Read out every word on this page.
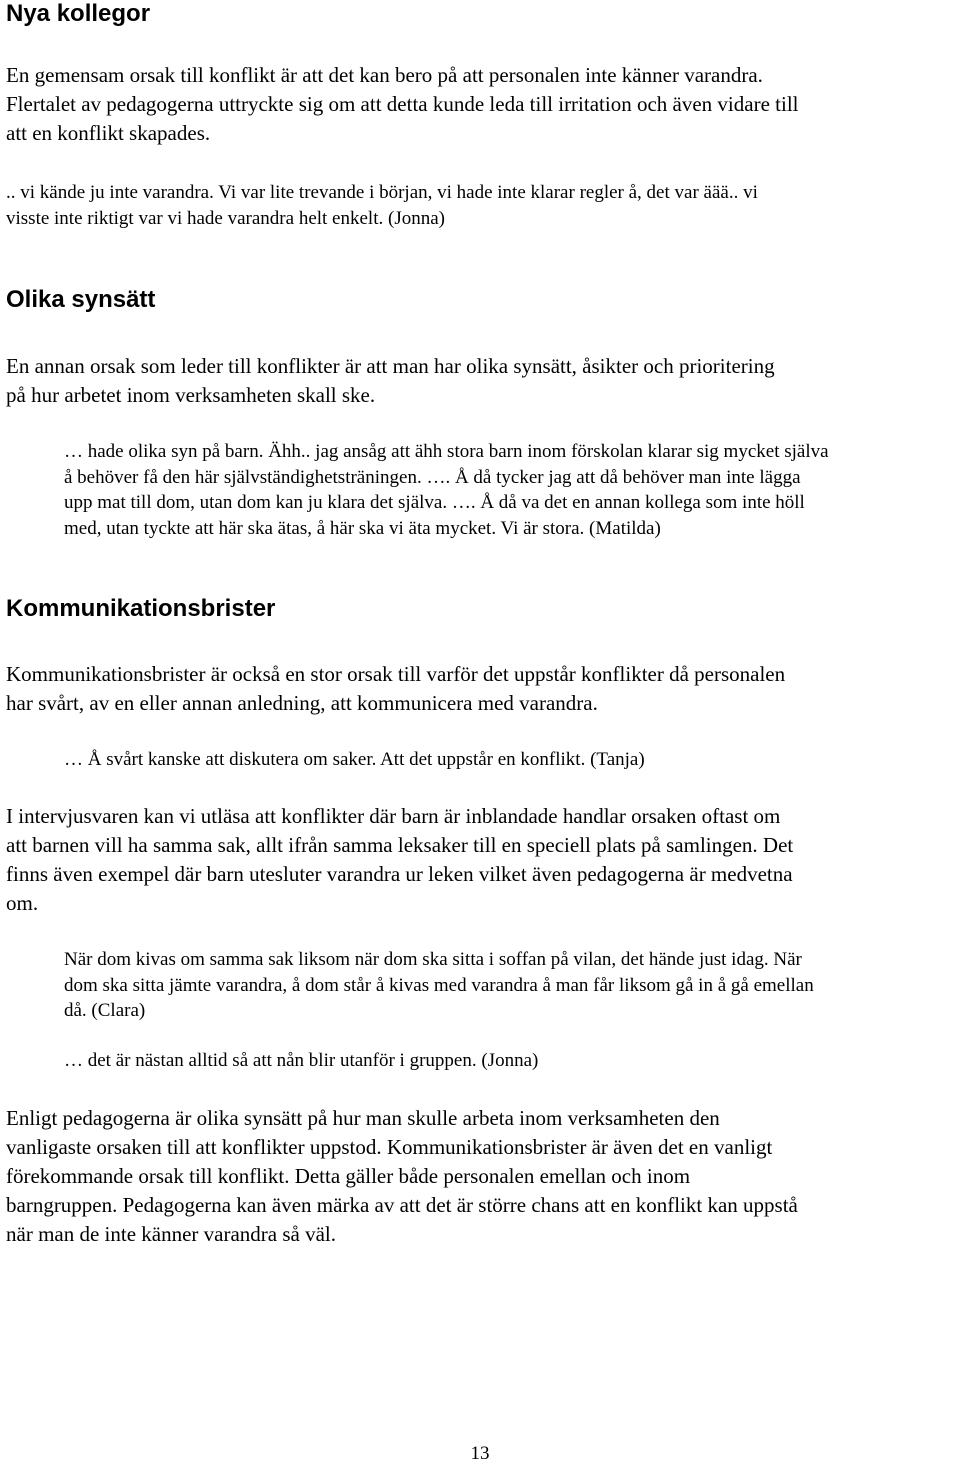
Nya kollegor

En gemensam orsak till konflikt är att det kan bero på att personalen inte känner varandra.
Flertalet av pedagogerna uttryckte sig om att detta kunde leda till irritation och även vidare till
att en konflikt skapades.

.. vi kände ju inte varandra. Vi var lite trevande i början, vi hade inte klarar regler å, det var äää.. vi
visste inte riktigt var vi hade varandra helt enkelt. (Jonna)

Olika synsätt

En annan orsak som leder till konflikter är att man har olika synsätt, åsikter och prioritering
på hur arbetet inom verksamheten skall ske.

… hade olika syn på barn. Ähh.. jag ansåg att ähh stora barn inom förskolan klarar sig mycket själva
å behöver få den här självständighetsträningen. …. Å då tycker jag att då behöver man inte lägga
upp mat till dom, utan dom kan ju klara det själva. …. Å då va det en annan kollega som inte höll
med, utan tyckte att här ska ätas, å här ska vi äta mycket. Vi är stora. (Matilda)

Kommunikationsbrister

Kommunikationsbrister är också en stor orsak till varför det uppstår konflikter då personalen
har svårt, av en eller annan anledning, att kommunicera med varandra.

… Å svårt kanske att diskutera om saker. Att det uppstår en konflikt. (Tanja)

I intervjusvaren kan vi utläsa att konflikter där barn är inblandade handlar orsaken oftast om
att barnen vill ha samma sak, allt ifrån samma leksaker till en speciell plats på samlingen. Det
finns även exempel där barn utesluter varandra ur leken vilket även pedagogerna är medvetna
om.

När dom kivas om samma sak liksom när dom ska sitta i soffan på vilan, det hände just idag. När
dom ska sitta jämte varandra, å dom står å kivas med varandra å man får liksom gå in å gå emellan
då. (Clara)

… det är nästan alltid så att nån blir utanför i gruppen. (Jonna)

Enligt pedagogerna är olika synsätt på hur man skulle arbeta inom verksamheten den
vanligaste orsaken till att konflikter uppstod. Kommunikationsbrister är även det en vanligt
förekommande orsak till konflikt. Detta gäller både personalen emellan och inom
barngruppen. Pedagogerna kan även märka av att det är större chans att en konflikt kan uppstå
när man de inte känner varandra så väl.

13
